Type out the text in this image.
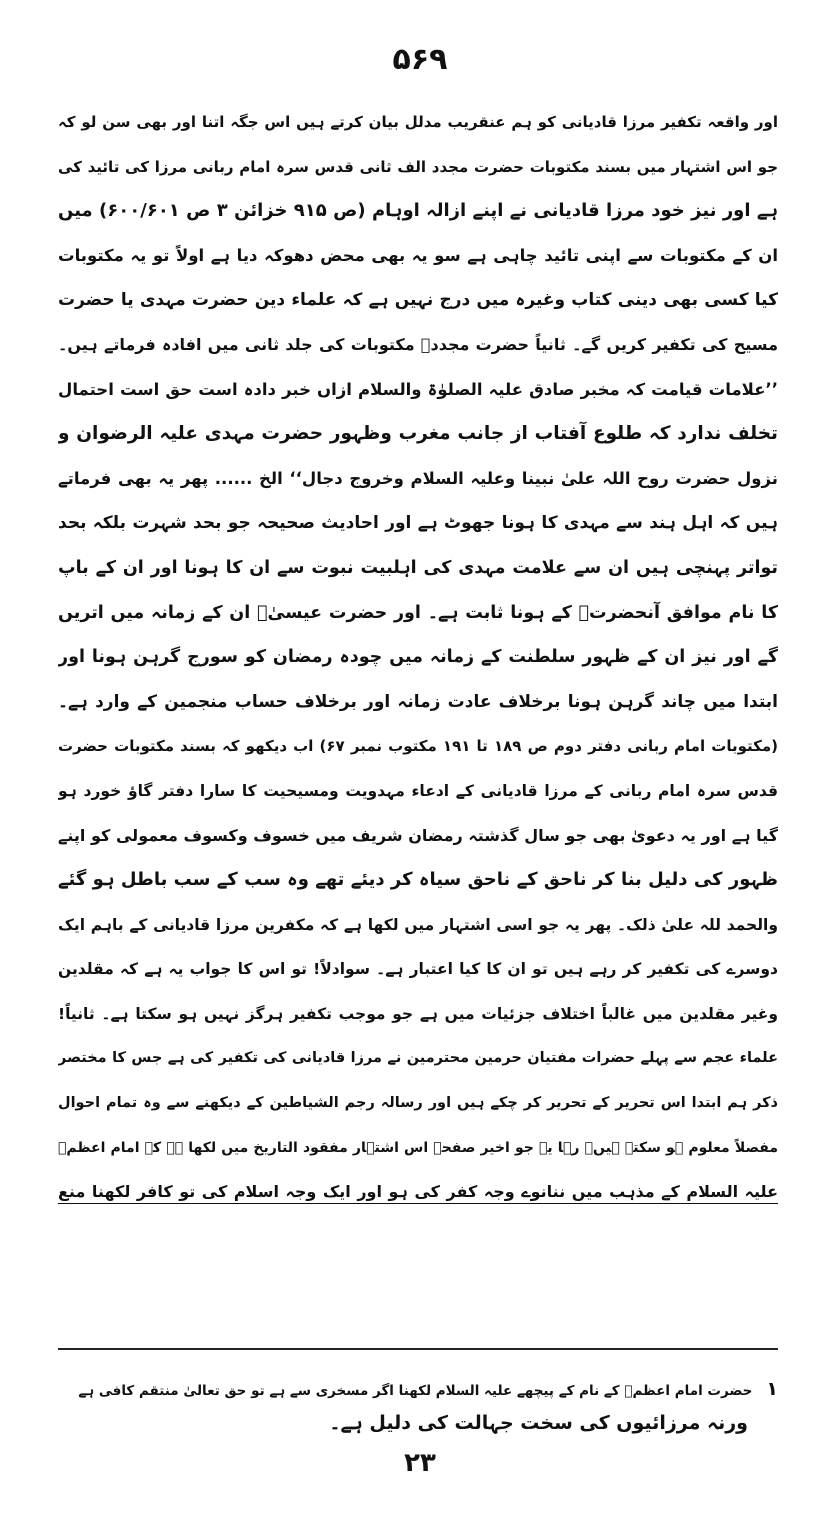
۵۶۹
اور واقعہ تکفیر مرزا قادیانی کو ہم عنقریب مدلل بیان کرتے ہیں اس جگہ اتنا اور بھی سن لو کہ
جو اس اشتہار میں بسند مکتوبات حضرت مجدد الف ثانی قدس سرہ امام ربانی مرزا کی تائید کی
ہے اور نیز خود مرزا قادیانی نے اپنے ازالہ اوہام (ص ۹۱۵ خزائن ۳ ص ۶۰۰/۶۰۱) میں
ان کے مکتوبات سے اپنی تائید چاہی ہے سو یہ بھی محض دھوکہ دیا ہے اولاً تو یہ مکتوبات
کیا کسی بھی دینی کتاب وغیرہ میں درج نہیں ہے کہ علماء دین حضرت مہدی یا حضرت
مسیح کی تکفیر کریں گے۔ ثانیاً حضرت مجددؒ مکتوبات کی جلد ثانی میں افادہ فرماتے ہیں۔
’’علامات قیامت کہ مخبر صادق علیہ الصلوٰۃ والسلام ازاں خبر دادہ است حق است احتمال
تخلف ندارد کہ طلوع آفتاب از جانب مغرب وظہور حضرت مہدی علیہ الرضوان و
نزول حضرت روح اللہ علیٰ نبینا وعلیہ السلام وخروج دجال‘‘ الخ ...... پھر یہ بھی فرماتے
ہیں کہ اہل ہند سے مہدی کا ہونا جھوٹ ہے اور احادیث صحیحہ جو بحد شہرت بلکہ بحد
تواتر پہنچی ہیں ان سے علامت مہدی کی اہلبیت نبوت سے ان کا ہونا اور ان کے باپ
کا نام موافق آنحضرتؐ کے ہونا ثابت ہے۔ اور حضرت عیسیٰؑ ان کے زمانہ میں اتریں
گے اور نیز ان کے ظہور سلطنت کے زمانہ میں چودہ رمضان کو سورج گرہن ہونا اور
ابتدا میں چاند گرہن ہونا برخلاف عادت زمانہ اور برخلاف حساب منجمین کے وارد ہے۔
(مکتوبات امام ربانی دفتر دوم ص ۱۸۹ تا ۱۹۱ مکتوب نمبر ۶۷) اب دیکھو کہ بسند مکتوبات حضرت
قدس سرہ امام ربانی کے مرزا قادیانی کے ادعاء مہدویت ومسیحیت کا سارا دفتر گاؤ خورد ہو
گیا ہے اور یہ دعویٰ بھی جو سال گذشتہ رمضان شریف میں خسوف وکسوف معمولی کو اپنے
ظہور کی دلیل بنا کر ناحق کے ناحق سیاہ کر دیئے تھے وہ سب کے سب باطل ہو گئے
والحمد للہ علیٰ ذلک۔ پھر یہ جو اسی اشتہار میں لکھا ہے کہ مکفرین مرزا قادیانی کے باہم ایک
دوسرے کی تکفیر کر رہے ہیں تو ان کا کیا اعتبار ہے۔ سوادلاً! تو اس کا جواب یہ ہے کہ مقلدین
وغیر مقلدین میں غالباً اختلاف جزئیات میں ہے جو موجب تکفیر ہرگز نہیں ہو سکتا ہے۔ ثانیاً!
علماء عجم سے پہلے حضرات مفتیان حرمین محترمین نے مرزا قادیانی کی تکفیر کی ہے جس کا مختصر
ذکر ہم ابتدا اس تحریر کے تحریر کر چکے ہیں اور رسالہ رجم الشیاطین کے دیکھنے سے وہ تمام احوال
مفصلاً معلوم ہو سکتے ہیں۔ رہا یہ جو اخیر صفحہ اس اشتہار مفقود التاریخ میں لکھا ہے کہ امام اعظمؒ
علیہ السلام کے مذہب میں ننانوے وجہ کفر کی ہو اور ایک وجہ اسلام کی تو کافر لکھنا منع
۱حضرت امام اعظمؒ کے نام کے پیچھے علیہ السلام لکھنا اگر مسخری سے ہے تو حق تعالیٰ منتقم کافی ہے
ورنہ مرزائیوں کی سخت جہالت کی دلیل ہے۔
۲۳
